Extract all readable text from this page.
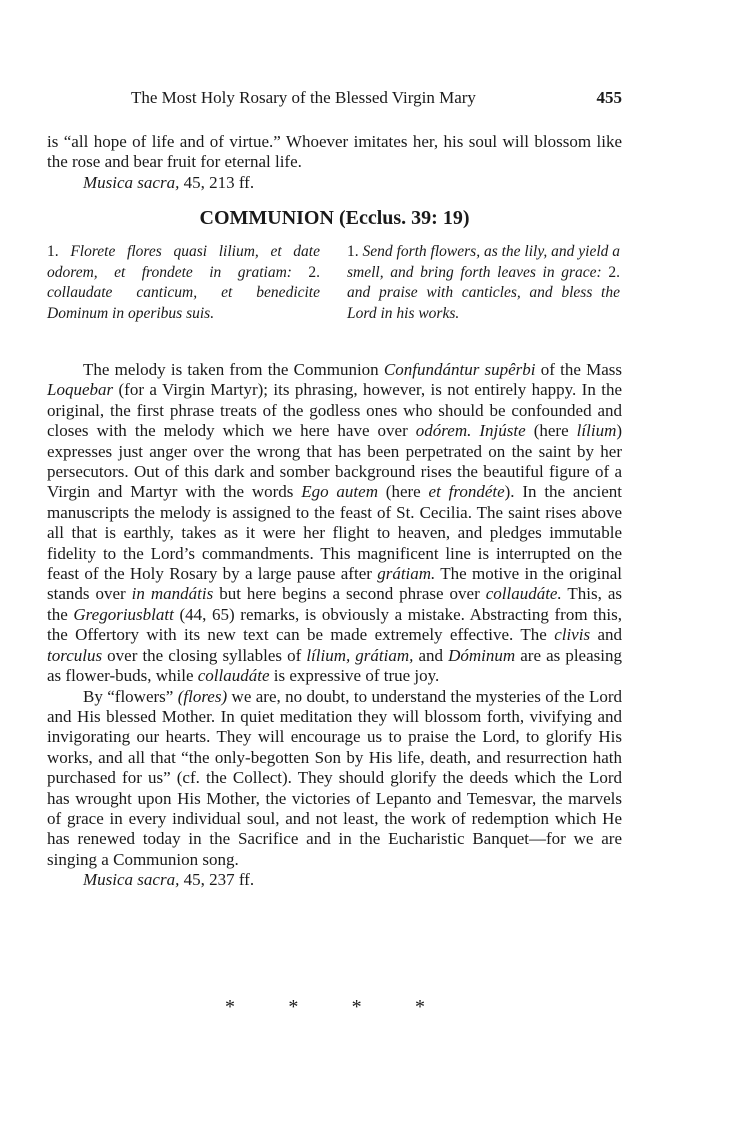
The Most Holy Rosary of the Blessed Virgin Mary	455

is “all hope of life and of virtue.” Whoever imitates her, his soul will blossom like the rose and bear fruit for eternal life.

Musica sacra, 45, 213 ff.

COMMUNION (Ecclus. 39: 19)
1. Florete flores quasi lilium, et date odorem, et frondete in gratiam: 2. collaudate canticum, et benedicite Dominum in operibus suis.
1. Send forth flowers, as the lily, and yield a smell, and bring forth leaves in grace: 2. and praise with canticles, and bless the Lord in his works.

The melody is taken from the Communion Confundántur supêrbi of the Mass Loquebar (for a Virgin Martyr); its phrasing, however, is not entirely happy. In the original, the first phrase treats of the godless ones who should be confounded and closes with the melody which we here have over odórem. Injúste (here lílium) expresses just anger over the wrong that has been perpetrated on the saint by her persecutors. Out of this dark and somber background rises the beautiful figure of a Virgin and Martyr with the words Ego autem (here et frondéte). In the ancient manuscripts the melody is assigned to the feast of St. Cecilia. The saint rises above all that is earthly, takes as it were her flight to heaven, and pledges immutable fidelity to the Lord’s commandments. This magnificent line is interrupted on the feast of the Holy Rosary by a large pause after grátiam. The motive in the original stands over in mandátis but here begins a second phrase over collaudáte. This, as the Gregoriusblatt (44, 65) remarks, is obviously a mistake. Abstracting from this, the Offertory with its new text can be made extremely effective. The clivis and torculus over the closing syllables of lílium, grátiam, and Dóminum are as pleasing as flower-buds, while collaudáte is expressive of true joy.

By “flowers” (flores) we are, no doubt, to understand the mysteries of the Lord and His blessed Mother. In quiet meditation they will blossom forth, vivifying and invigorating our hearts. They will encourage us to praise the Lord, to glorify His works, and all that “the only-begotten Son by His life, death, and resurrection hath purchased for us” (cf. the Collect). They should glorify the deeds which the Lord has wrought upon His Mother, the victories of Lepanto and Temesvar, the marvels of grace in every individual soul, and not least, the work of redemption which He has renewed today in the Sacrifice and in the Eucharistic Banquet—for we are singing a Communion song.

Musica sacra, 45, 237 ff.

*	*	*	*
